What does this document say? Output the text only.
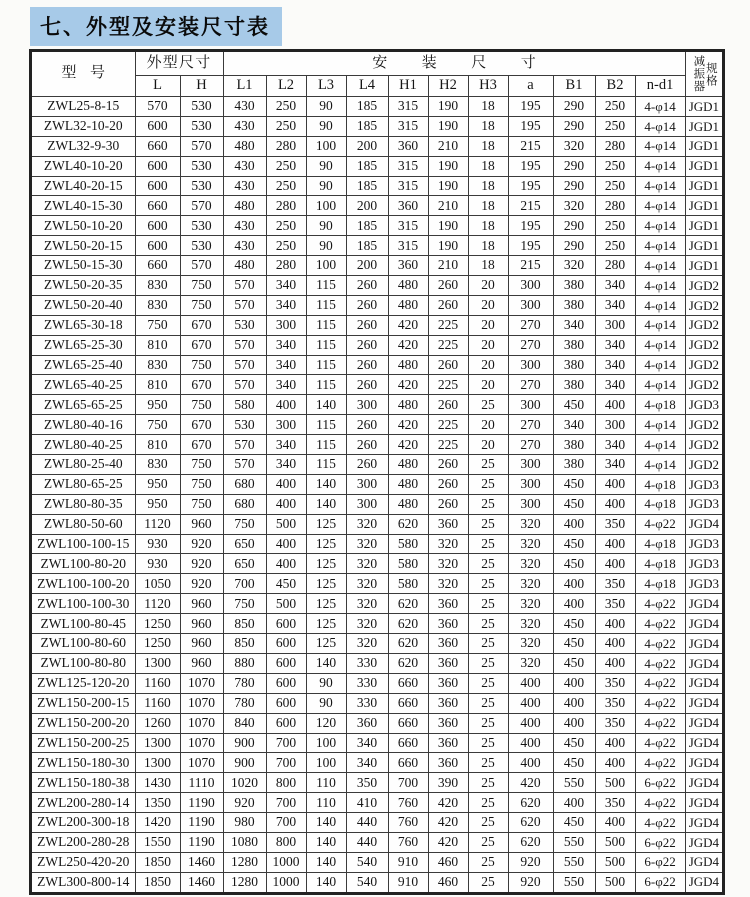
七、外型及安装尺寸表
型号	外型尺寸		安装尺寸											减振器 规格

	L	H	L1	L2	L3	L4	H1	H2	H3	a	B1	B2	n-d1	
ZWL25-8-15	570	530	430	250	90	185	315	190	18	195	290	250	4-φ14	JGD1
ZWL32-10-20	600	530	430	250	90	185	315	190	18	195	290	250	4-φ14	JGD1
ZWL32-9-30	660	570	480	280	100	200	360	210	18	215	320	280	4-φ14	JGD1
ZWL40-10-20	600	530	430	250	90	185	315	190	18	195	290	250	4-φ14	JGD1
ZWL40-20-15	600	530	430	250	90	185	315	190	18	195	290	250	4-φ14	JGD1
ZWL40-15-30	660	570	480	280	100	200	360	210	18	215	320	280	4-φ14	JGD1
ZWL50-10-20	600	530	430	250	90	185	315	190	18	195	290	250	4-φ14	JGD1
ZWL50-20-15	600	530	430	250	90	185	315	190	18	195	290	250	4-φ14	JGD1
ZWL50-15-30	660	570	480	280	100	200	360	210	18	215	320	280	4-φ14	JGD1
ZWL50-20-35	830	750	570	340	115	260	480	260	20	300	380	340	4-φ14	JGD2
ZWL50-20-40	830	750	570	340	115	260	480	260	20	300	380	340	4-φ14	JGD2
ZWL65-30-18	750	670	530	300	115	260	420	225	20	270	340	300	4-φ14	JGD2
ZWL65-25-30	810	670	570	340	115	260	420	225	20	270	380	340	4-φ14	JGD2
ZWL65-25-40	830	750	570	340	115	260	480	260	20	300	380	340	4-φ14	JGD2
ZWL65-40-25	810	670	570	340	115	260	420	225	20	270	380	340	4-φ14	JGD2
ZWL65-65-25	950	750	580	400	140	300	480	260	25	300	450	400	4-φ18	JGD3
ZWL80-40-16	750	670	530	300	115	260	420	225	20	270	340	300	4-φ14	JGD2
ZWL80-40-25	810	670	570	340	115	260	420	225	20	270	380	340	4-φ14	JGD2
ZWL80-25-40	830	750	570	340	115	260	480	260	25	300	380	340	4-φ14	JGD2
ZWL80-65-25	950	750	680	400	140	300	480	260	25	300	450	400	4-φ18	JGD3
ZWL80-80-35	950	750	680	400	140	300	480	260	25	300	450	400	4-φ18	JGD3
ZWL80-50-60	1120	960	750	500	125	320	620	360	25	320	400	350	4-φ22	JGD4
ZWL100-100-15	930	920	650	400	125	320	580	320	25	320	450	400	4-φ18	JGD3
ZWL100-80-20	930	920	650	400	125	320	580	320	25	320	450	400	4-φ18	JGD3
ZWL100-100-20	1050	920	700	450	125	320	580	320	25	320	400	350	4-φ18	JGD3
ZWL100-100-30	1120	960	750	500	125	320	620	360	25	320	400	350	4-φ22	JGD4
ZWL100-80-45	1250	960	850	600	125	320	620	360	25	320	450	400	4-φ22	JGD4
ZWL100-80-60	1250	960	850	600	125	320	620	360	25	320	450	400	4-φ22	JGD4
ZWL100-80-80	1300	960	880	600	140	330	620	360	25	320	450	400	4-φ22	JGD4
ZWL125-120-20	1160	1070	780	600	90	330	660	360	25	400	400	350	4-φ22	JGD4
ZWL150-200-15	1160	1070	780	600	90	330	660	360	25	400	400	350	4-φ22	JGD4
ZWL150-200-20	1260	1070	840	600	120	360	660	360	25	400	400	350	4-φ22	JGD4
ZWL150-200-25	1300	1070	900	700	100	340	660	360	25	400	450	400	4-φ22	JGD4
ZWL150-180-30	1300	1070	900	700	100	340	660	360	25	400	450	400	4-φ22	JGD4
ZWL150-180-38	1430	1110	1020	800	110	350	700	390	25	420	550	500	6-φ22	JGD4
ZWL200-280-14	1350	1190	920	700	110	410	760	420	25	620	400	350	4-φ22	JGD4
ZWL200-300-18	1420	1190	980	700	140	440	760	420	25	620	450	400	4-φ22	JGD4
ZWL200-280-28	1550	1190	1080	800	140	440	760	420	25	620	550	500	6-φ22	JGD4
ZWL250-420-20	1850	1460	1280	1000	140	540	910	460	25	920	550	500	6-φ22	JGD4
ZWL300-800-14	1850	1460	1280	1000	140	540	910	460	25	920	550	500	6-φ22	JGD4
